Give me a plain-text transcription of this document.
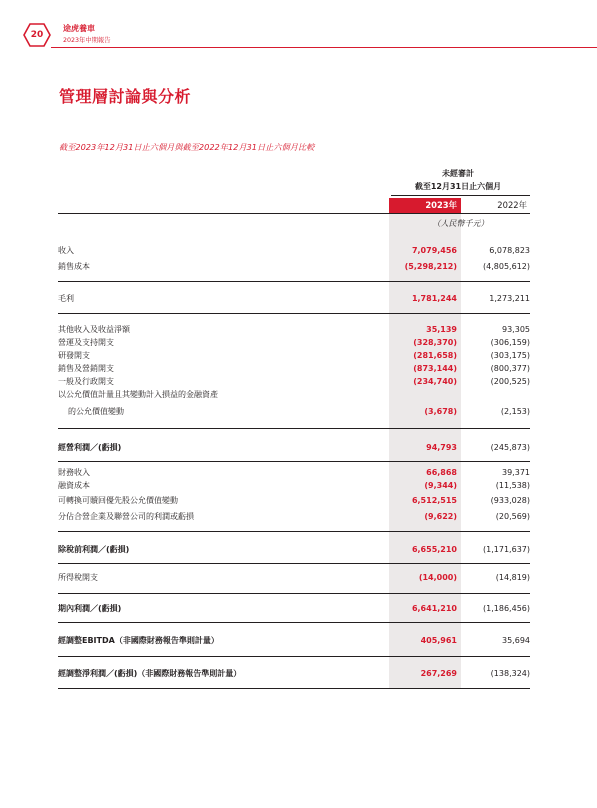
20
途虎養車
2023年中期報告
管理層討論與分析
截至2023年12月31日止六個月與截至2022年12月31日止六個月比較
未經審計
截至12月31日止六個月
2023年	2022年
（人民幣千元）
收入	7,079,456	6,078,823
銷售成本	(5,298,212)	(4,805,612)
毛利	1,781,244	1,273,211
其他收入及收益淨額	35,139	93,305
營運及支持開支	(328,370)	(306,159)
研發開支	(281,658)	(303,175)
銷售及營銷開支	(873,144)	(800,377)
一般及行政開支	(234,740)	(200,525)
以公允價值計量且其變動計入損益的金融資產
的公允價值變動	(3,678)	(2,153)
經營利潤／(虧損)	94,793	(245,873)
財務收入	66,868	39,371
融資成本	(9,344)	(11,538)
可轉換可贖回優先股公允價值變動	6,512,515	(933,028)
分佔合營企業及聯營公司的利潤或虧損	(9,622)	(20,569)
除稅前利潤／(虧損)	6,655,210	(1,171,637)
所得稅開支	(14,000)	(14,819)
期內利潤／(虧損)	6,641,210	(1,186,456)
經調整EBITDA（非國際財務報告準則計量）	405,961	35,694
經調整淨利潤／(虧損)（非國際財務報告準則計量）	267,269	(138,324)
